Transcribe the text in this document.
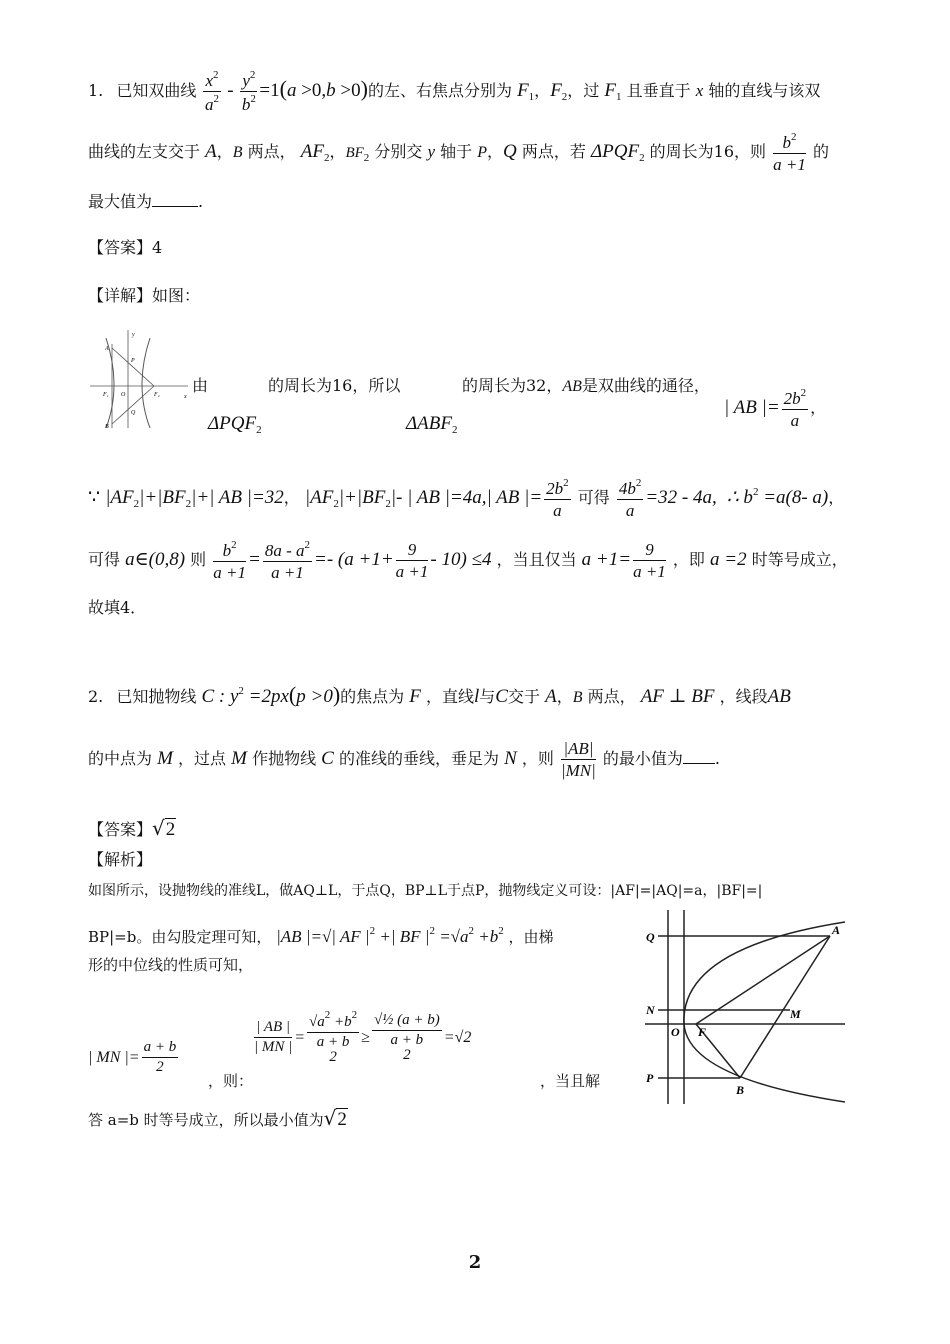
1. 已知双曲线 $\frac{x^2}{a^2} - \frac{y^2}{b^2} =1(a >0,b >0)$的左、右焦点分别为 $F_1$，$F_2$，过 $F_1$ 且垂直于 x 轴的直线与该双
曲线的左支交于 A，B 两点， $AF_2$，$BF_2$ 分别交 y 轴于 P，Q 两点，若 $\Delta PQF_2$ 的周长为16，则 $\frac{b^2}{a +1}$ 的
最大值为	.
【答案】4
【详解】如图：
A
B
P
Q
O
F₁	F₂	x
y
由	的周长为16，所以	的周长为32，AB是双曲线的通径，
| AB |= $\frac{2b^2}{a}$ ，
$\Delta PQF_2$	$\Delta ABF_2$
∵ $|AF_2|+|BF_2|+|$ AB |=32， $|AF_2|+|BF_2|-$ | AB |=4a,| AB |= $\frac{2b^2}{a}$ 可得 $\frac{4b^2}{a} =32 - 4a$,  ∴ $b^2 =a(8-$ a)，
可得 a∈(0,8) 则 $\frac{b^2}{a +1} = \frac{8a - a^2}{a +1} =- (a +1+ \frac{9}{a +1} - 10) \le 4$ ，当且仅当 $a +1= \frac{9}{a +1}$ ，即 a =2 时等号成立，
故填4．
2. 已知抛物线 C : $y^2 =2px(p >0)$的焦点为 F ，直线l与C交于 A，B 两点， AF ⊥ BF ，线段AB
的中点为 M ，过点 M 作抛物线 C 的准线的垂线，垂足为 N ，则 $\frac{|AB|}{|MN|}$ 的最小值为 .
【答案】√2
【解析】
如图所示，设抛物线的准线L，做AQ⊥L，于点Q，BP⊥L于点P，抛物线定义可设：|AF|=|AQ|=a，|BF|=|
BP|=b。由勾股定理可知， |AB |=√| AF $|^2$ +| BF $|^2 =√a^2 +b^2$ ，由梯
形的中位线的性质可知，
| MN |= $\frac{a + b}{2}$
$\frac{| AB |}{| MN |}$ =
$√a^2 +b^2$
a + b
2
≥
√½ (a + b)
a + b
2
=√2
，则：	，当且解
答 a=b 时等号成立，所以最小值为√2
Q
N
O F
M
P
B
A
2
